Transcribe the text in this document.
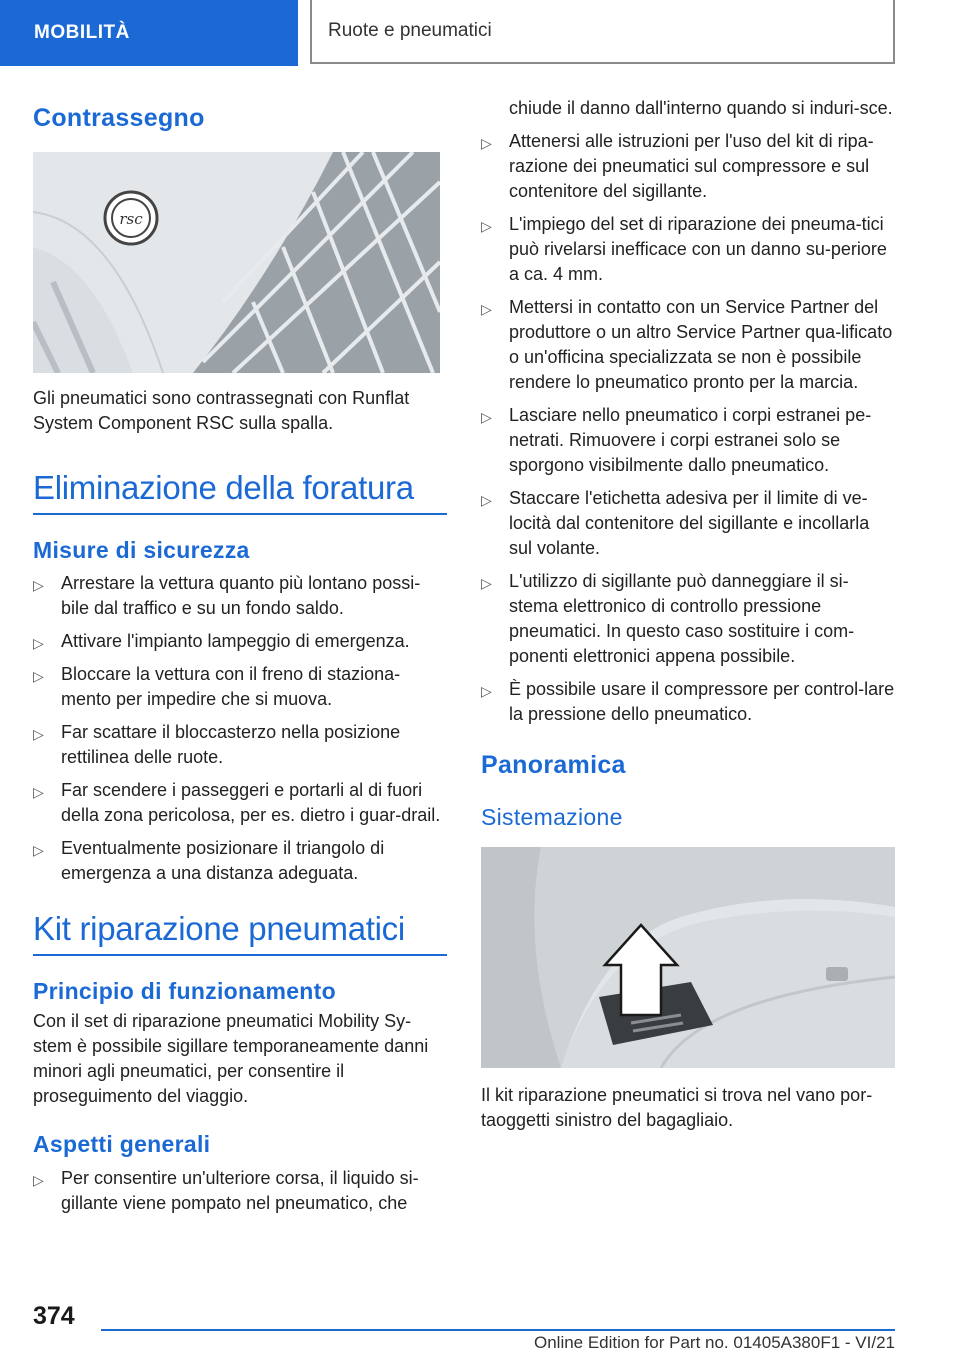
MOBILITÀ	Ruote e pneumatici
Contrassegno
rsc

Gli pneumatici sono contrassegnati con Runflat System Component RSC sulla spalla.

Eliminazione della foratura
Misure di sicurezza
▷ Arrestare la vettura quanto più lontano possi-bile dal traffico e su un fondo saldo.
▷ Attivare l'impianto lampeggio di emergenza.
▷ Bloccare la vettura con il freno di staziona-mento per impedire che si muova.
▷ Far scattare il bloccasterzo nella posizione rettilinea delle ruote.
▷ Far scendere i passeggeri e portarli al di fuori della zona pericolosa, per es. dietro i guar-drail.
▷ Eventualmente posizionare il triangolo di emergenza a una distanza adeguata.
Kit riparazione pneumatici
Principio di funzionamento

Con il set di riparazione pneumatici Mobility Sy-stem è possibile sigillare temporaneamente danni minori agli pneumatici, per consentire il proseguimento del viaggio.

Aspetti generali
▷ Per consentire un'ulteriore corsa, il liquido si-gillante viene pompato nel pneumatico, che

chiude il danno dall'interno quando si induri-sce.

▷ Attenersi alle istruzioni per l'uso del kit di ripa-razione dei pneumatici sul compressore e sul contenitore del sigillante.
▷ L'impiego del set di riparazione dei pneuma-tici può rivelarsi inefficace con un danno su-periore a ca. 4 mm.
▷ Mettersi in contatto con un Service Partner del produttore o un altro Service Partner qua-lificato o un'officina specializzata se non è possibile rendere lo pneumatico pronto per la marcia.
▷ Lasciare nello pneumatico i corpi estranei pe-netrati. Rimuovere i corpi estranei solo se sporgono visibilmente dallo pneumatico.
▷ Staccare l'etichetta adesiva per il limite di ve-locità dal contenitore del sigillante e incollarla sul volante.
▷ L'utilizzo di sigillante può danneggiare il si-stema elettronico di controllo pressione pneumatici. In questo caso sostituire i com-ponenti elettronici appena possibile.
▷ È possibile usare il compressore per control-lare la pressione dello pneumatico.
Panoramica
Sistemazione

Il kit riparazione pneumatici si trova nel vano por-taoggetti sinistro del bagagliaio.

374
Online Edition for Part no. 01405A380F1 - VI/21
